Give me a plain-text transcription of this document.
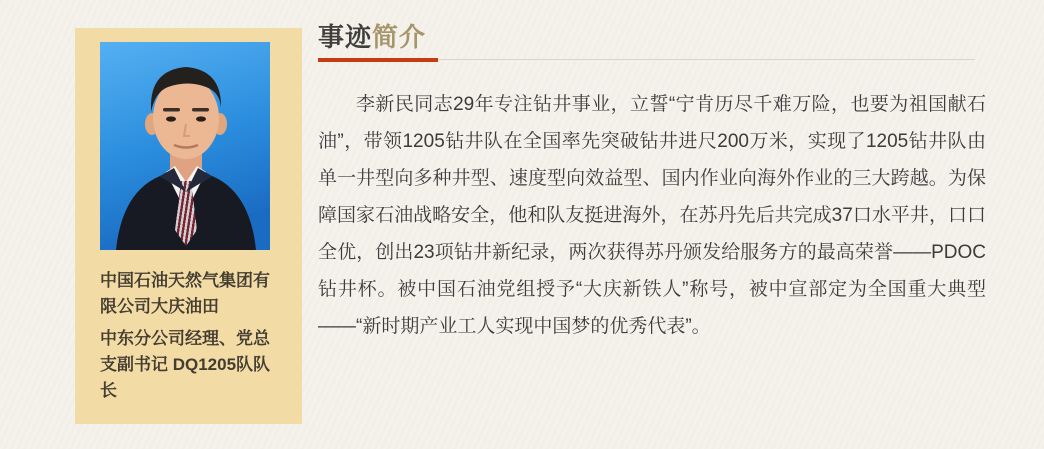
中国石油天然气集团有限公司大庆油田

中东分公司经理、党总支副书记 DQ1205队队长

事迹简介

李新民同志29年专注钻井事业，立誓“宁肯历尽千难万险，也要为祖国献石油”，带领1205钻井队在全国率先突破钻井进尺200万米，实现了1205钻井队由单一井型向多种井型、速度型向效益型、国内作业向海外作业的三大跨越。为保障国家石油战略安全，他和队友挺进海外，在苏丹先后共完成37口水平井，口口全优，创出23项钻井新纪录，两次获得苏丹颁发给服务方的最高荣誉——PDOC钻井杯。被中国石油党组授予“大庆新铁人”称号，被中宣部定为全国重大典型——“新时期产业工人实现中国梦的优秀代表”。
